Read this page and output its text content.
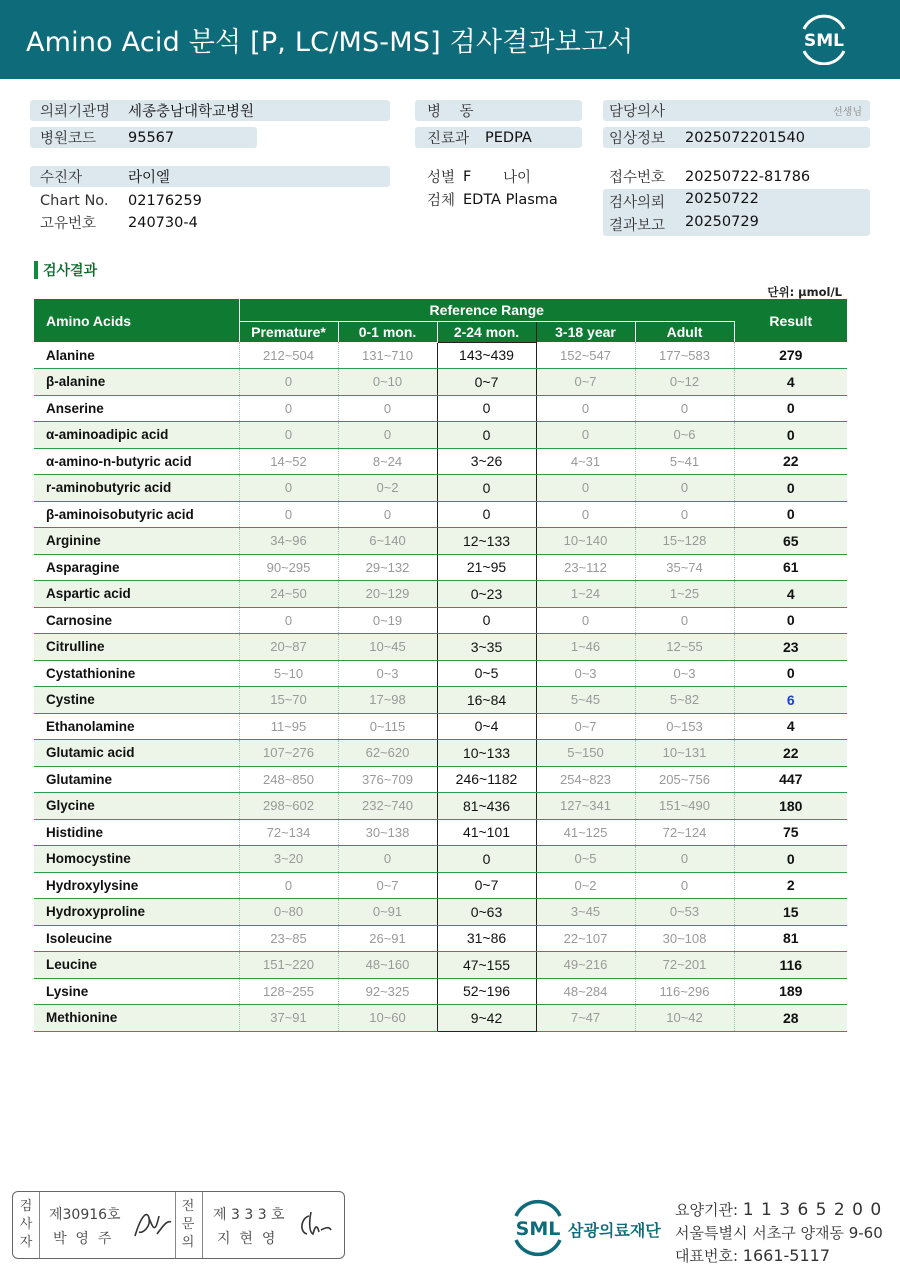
Amino Acid 분석 [P, LC/MS-MS] 검사결과보고서	SML
의뢰기관명 세종충남대학교병원
병원코드 95567
병    동
진료과 PEDPA
담당의사	선생님
임상정보 2025072201540
수진자	라이엘
Chart No. 02176259
고유번호 240730-4
성별 F 나이
검체 EDTA Plasma
접수번호 20250722-81786
검사의뢰 20250722
결과보고 20250729
검사결과
단위: µmol/L
Amino Acids	Reference Range					Result
	Premature*	0-1 mon.	2-24 mon.	3-18 year	Adult	
Alanine	212~504	131~710	143~439	152~547	177~583	279
β-alanine	0	0~10	0~7	0~7	0~12	4
Anserine	0	0	0	0	0	0
α-aminoadipic acid	0	0	0	0	0~6	0
α-amino-n-butyric acid	14~52	8~24	3~26	4~31	5~41	22
r-aminobutyric acid	0	0~2	0	0	0	0
β-aminoisobutyric acid	0	0	0	0	0	0
Arginine	34~96	6~140	12~133	10~140	15~128	65
Asparagine	90~295	29~132	21~95	23~112	35~74	61
Aspartic acid	24~50	20~129	0~23	1~24	1~25	4
Carnosine	0	0~19	0	0	0	0
Citrulline	20~87	10~45	3~35	1~46	12~55	23
Cystathionine	5~10	0~3	0~5	0~3	0~3	0
Cystine	15~70	17~98	16~84	5~45	5~82	6
Ethanolamine	11~95	0~115	0~4	0~7	0~153	4
Glutamic acid	107~276	62~620	10~133	5~150	10~131	22
Glutamine	248~850	376~709	246~1182	254~823	205~756	447
Glycine	298~602	232~740	81~436	127~341	151~490	180
Histidine	72~134	30~138	41~101	41~125	72~124	75
Homocystine	3~20	0	0	0~5	0	0
Hydroxylysine	0	0~7	0~7	0~2	0	2
Hydroxyproline	0~80	0~91	0~63	3~45	0~53	15
Isoleucine	23~85	26~91	31~86	22~107	30~108	81
Leucine	151~220	48~160	47~155	49~216	72~201	116
Lysine	128~255	92~325	52~196	48~284	116~296	189
Methionine	37~91	10~60	9~42	7~47	10~42	28
검
사
자
제30916호
박  영  주
전
문
의
제 3 3 3 호
지  현  영	SML 삼광의료재단
요양기관: 1 1 3 6 5 2 0 0
서울특별시 서초구 양재동 9-60
대표번호: 1661-5117
